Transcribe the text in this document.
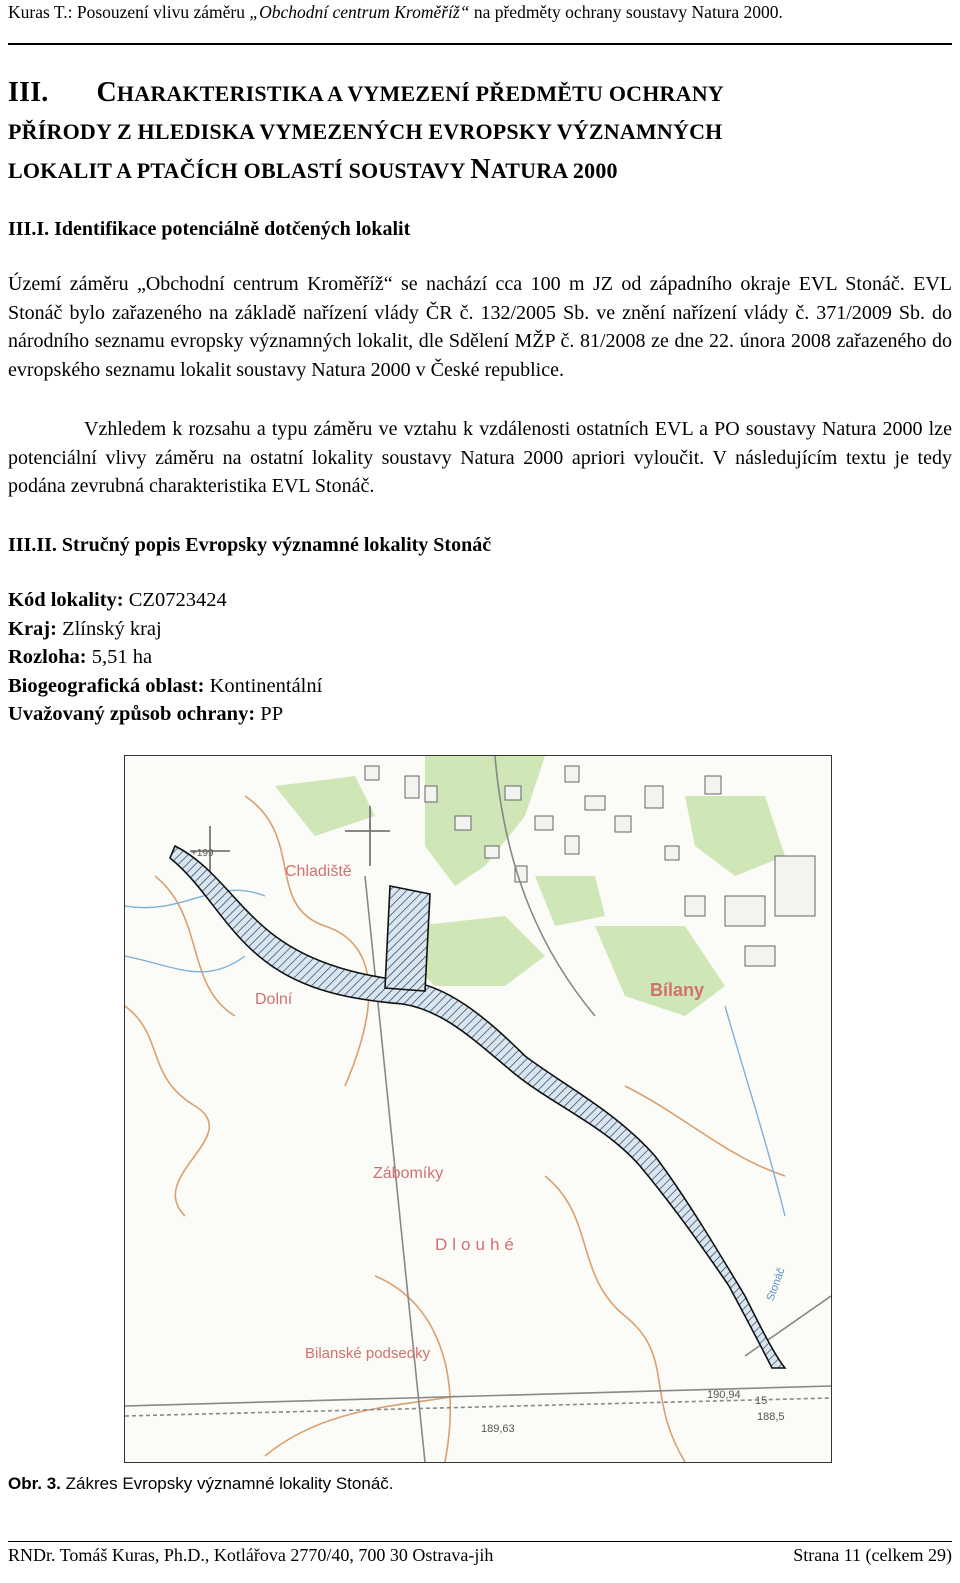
Kuras T.: Posouzení vlivu záměru „Obchodní centrum Kroměříž“ na předměty ochrany soustavy Natura 2000.
III. CHARAKTERISTIKA A VYMEZENÍ PŘEDMĚTU OCHRANY
PŘÍRODY Z HLEDISKA VYMEZENÝCH EVROPSKY VÝZNAMNÝCH
LOKALIT A PTAČÍCH OBLASTÍ SOUSTAVY NATURA 2000
III.I. Identifikace potenciálně dotčených lokalit
Území záměru „Obchodní centrum Kroměříž“ se nachází cca 100 m JZ od západního okraje EVL Stonáč. EVL Stonáč bylo zařazeného na základě nařízení vlády ČR č. 132/2005 Sb. ve znění nařízení vlády č. 371/2009 Sb. do národního seznamu evropsky významných lokalit, dle Sdělení MŽP č. 81/2008 ze dne 22. února 2008 zařazeného do evropského seznamu lokalit soustavy Natura 2000 v České republice.
Vzhledem k rozsahu a typu záměru ve vztahu k vzdálenosti ostatních EVL a PO soustavy Natura 2000 lze potenciální vlivy záměru na ostatní lokality soustavy Natura 2000 apriori vyloučit. V následujícím textu je tedy podána zevrubná charakteristika EVL Stonáč.
III.II. Stručný popis Evropsky významné lokality Stonáč
Kód lokality: CZ0723424
Kraj: Zlínský kraj
Rozloha: 5,51 ha
Biogeografická oblast: Kontinentální
Uvažovaný způsob ochrany: PP
Chladiště
Dolní	Bílany
Zábomíky
Dlouhé
Bilanské podsedky
Stonáč
+199
190,94
189,63
15
188,5
Obr. 3. Zákres Evropsky významné lokality Stonáč.
RNDr. Tomáš Kuras, Ph.D., Kotlářova 2770/40, 700 30 Ostrava-jih	Strana 11 (celkem 29)
